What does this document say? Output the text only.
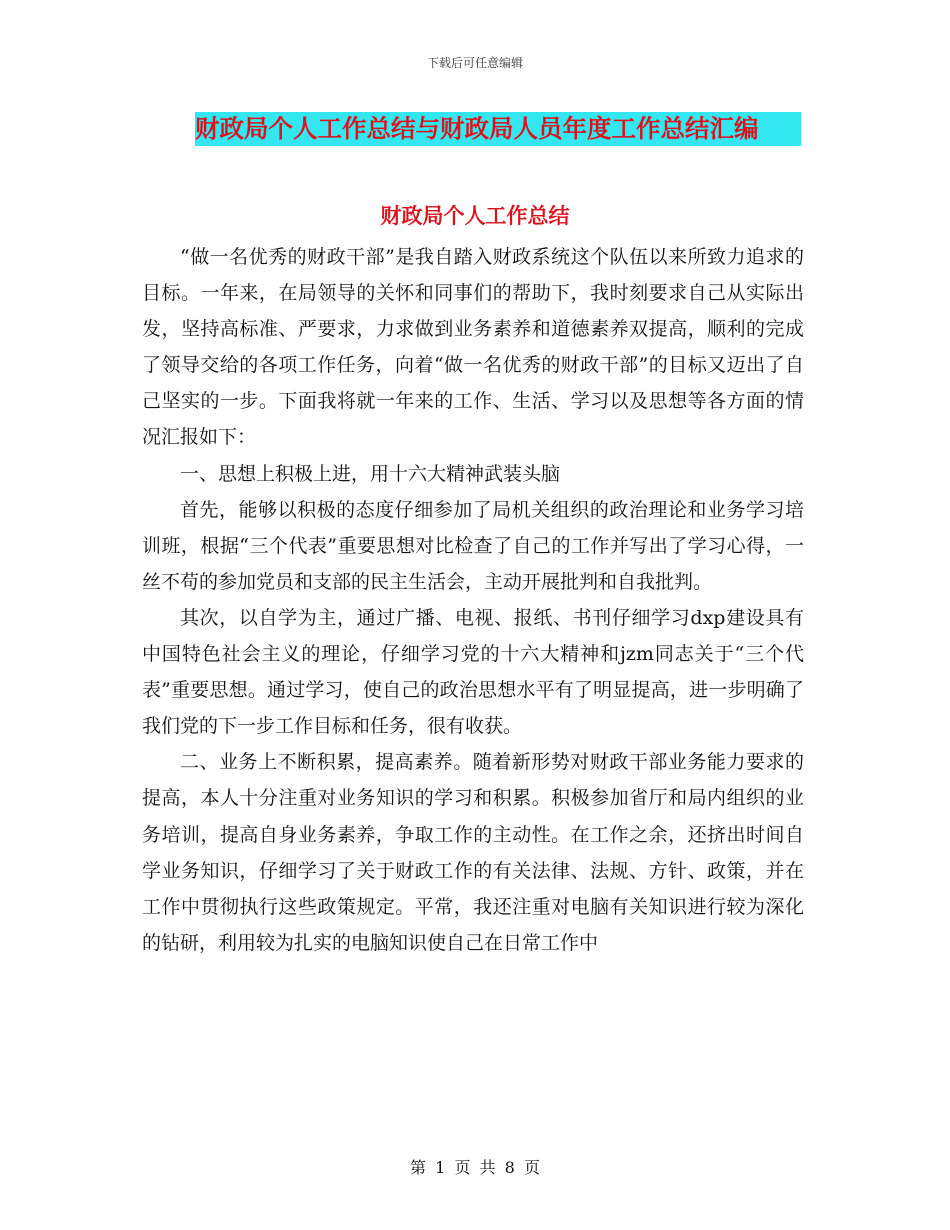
下载后可任意编辑
财政局个人工作总结与财政局人员年度工作总结汇编
财政局个人工作总结

“做一名优秀的财政干部”是我自踏入财政系统这个队伍以来所致力追求的目标。一年来，在局领导的关怀和同事们的帮助下，我时刻要求自己从实际出发，坚持高标准、严要求，力求做到业务素养和道德素养双提高，顺利的完成了领导交给的各项工作任务，向着“做一名优秀的财政干部”的目标又迈出了自己坚实的一步。下面我将就一年来的工作、生活、学习以及思想等各方面的情况汇报如下：

一、思想上积极上进，用十六大精神武装头脑

首先，能够以积极的态度仔细参加了局机关组织的政治理论和业务学习培训班，根据“三个代表”重要思想对比检查了自己的工作并写出了学习心得，一丝不苟的参加党员和支部的民主生活会，主动开展批判和自我批判。

其次，以自学为主，通过广播、电视、报纸、书刊仔细学习dxp建设具有中国特色社会主义的理论，仔细学习党的十六大精神和jzm同志关于“三个代表”重要思想。通过学习，使自己的政治思想水平有了明显提高，进一步明确了我们党的下一步工作目标和任务，很有收获。

二、业务上不断积累，提高素养。随着新形势对财政干部业务能力要求的提高，本人十分注重对业务知识的学习和积累。积极参加省厅和局内组织的业务培训，提高自身业务素养，争取工作的主动性。在工作之余，还挤出时间自学业务知识，仔细学习了关于财政工作的有关法律、法规、方针、政策，并在工作中贯彻执行这些政策规定。平常，我还注重对电脑有关知识进行较为深化的钻研，利用较为扎实的电脑知识使自己在日常工作中

第 1 页 共 8 页
